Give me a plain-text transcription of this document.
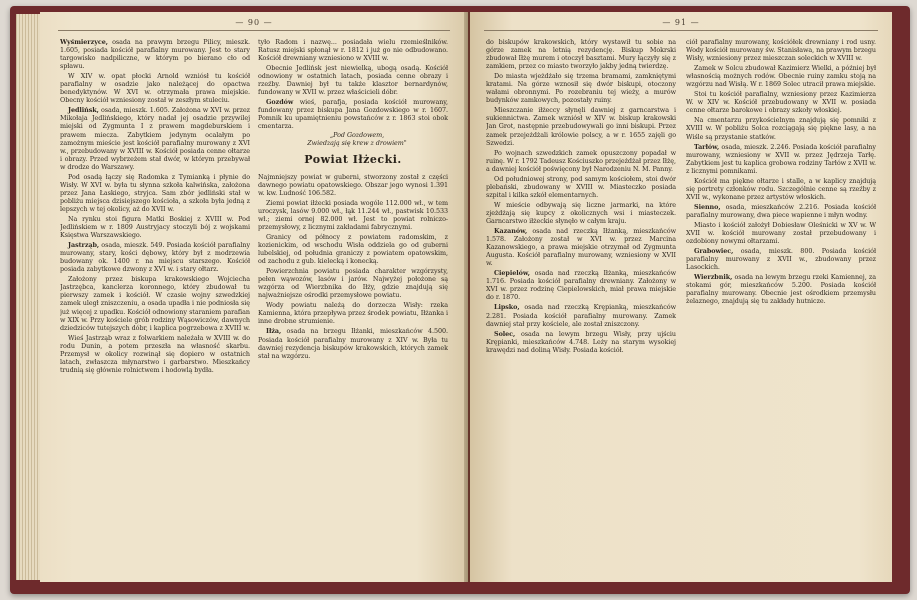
— 90 —

Wyśmierzyce, osada na prawym brzegu Pilicy, mieszk. 1.605, posiada kościół parafialny murowany. Jest to stary targowisko nadpiliczne, w którym po bierano cło od spławu.

W XIV w. opat płocki Arnold wzniósł tu kościół parafialny w osadzie jako należącej do opactwa benedyktynów. W XVI w. otrzymała prawa miejskie. Obecny kościół wzniesiony został w zeszłym stuleciu.

Jedlińsk, osada, mieszk. 1.605. Założona w XVI w. przez Mikołaja Jedlińskiego, który nadał jej osadzie przywilej miejski od Zygmunta I z prawem magdeburskiem i prawem miecza. Zabytkiem jedynym ocalałym po zamożnym mieście jest kościół parafialny murowany z XVI w., przebudowany w XVIII w. Kościół posiada cenne ołtarze i obrazy. Przed wybrzeżem stał dwór, w którym przebywał w drodze do Warszawy.

Pod osadą łączy się Radomka z Tymianką i płynie do Wisły. W XVI w. była tu słynna szkoła kalwińska, założona przez Jana Łaskiego, stryjca. Sam zbór jedliński stał w pobliżu miejsca dzisiejszego kościoła, a szkoła była jedną z lepszych w tej okolicy, aż do XVII w.

Na rynku stoi figura Matki Boskiej z XVIII w. Pod Jedlińskiem w r. 1809 Austryjacy stoczyli bój z wojskami Księstwa Warszawskiego.

Jastrząb, osada, mieszk. 549. Posiada kościół parafialny murowany, stary, kości dębowy, który był z modrzewia budowany ok. 1400 r. na miejscu starszego. Kościół posiada zabytkowe dzwony z XVI w. i stary ołtarz.

Założony przez biskupa krakowskiego Wojciecha Jastrzębca, kanclerza koronnego, który zbudował tu pierwszy zamek i kościół. W czasie wojny szwedzkiej zamek uległ zniszczeniu, a osada upadła i nie podniosła się już więcej z upadku. Kościół odnowiony staraniem parafian w XIX w. Przy kościele grób rodziny Wąsowiczów, dawnych dziedziców tutejszych dóbr, i kaplica pogrzebowa z XVIII w.

Wieś Jastrząb wraz z folwarkiem należała w XVIII w. do rodu Dunin, a potem przeszła na własność skarbu. Przemysł w okolicy rozwinął się dopiero w ostatnich latach, zwłaszcza młynarstwo i garbarstwo. Mieszkańcy trudnią się głównie rolnictwem i hodowlą bydła.

tyło Radom i nazwę... posiadała wielu rzemieślników. Ratusz miejski spłonął w r. 1812 i już go nie odbudowano. Kościół drewniany wzniesiono w XVIII w.

Obecnie Jedlińsk jest niewielką, ubogą osadą. Kościół odnowiony w ostatnich latach, posiada cenne obrazy i rzeźby. Dawniej był tu także klasztor bernardynów, fundowany w XVII w. przez właścicieli dóbr.

Gozdów wieś, parafja, posiada kościół murowany, fundowany przez biskupa Jana Gozdowskiego w r. 1607. Pomnik ku upamiętnieniu powstańców z r. 1863 stoi obok cmentarza.

„Pod Gozdowem,

Zwiedzają się krew z drowiem"

Powiat Iłżecki.

Najmniejszy powiat w guberni, stworzony został z części dawnego powiatu opatowskiego. Obszar jego wynosi 1.391 w. kw. Ludność 106.582.

Ziemi powiat iłżecki posiada wogóle 112.000 wł., w tem uroczysk, lasów 9.000 wł., łąk 11.244 wł., pastwisk 10.533 wł.; ziemi ornej 82.000 wł. Jest to powiat rolniczo-przemysłowy, z licznymi zakładami fabrycznymi.

Granicy od północy z powiatem radomskim, z kozienickim, od wschodu Wisła oddziela go od guberni lubelskiej, od południa graniczy z powiatem opatowskim, od zachodu z gub. kielecką i konecką.

Powierzchnia powiatu posiada charakter wzgórzysty, pełen wąwozów, lasów i jarów. Najwyżej położone są wzgórza od Wierzbnika do Iłży, gdzie znajdują się najważniejsze ośrodki przemysłowe powiatu.

Wody powiatu należą do dorzecza Wisły: rzeka Kamienna, która przepływa przez środek powiatu, Iłżanka i inne drobne strumienie.

Iłża, osada na brzegu Iłżanki, mieszkańców 4.500. Posiada kościół parafialny murowany z XIV w. Była tu dawniej rezydencja biskupów krakowskich, których zamek stał na wzgórzu.

— 91 —

do biskupów krakowskich, który wystawił tu sobie na górze zamek na letnią rezydencję. Biskup Mokrski zbudował Iłżę murem i otoczył basztami. Mury łączyły się z zamkiem, przez co miasto tworzyło jakby jedną twierdzę.

Do miasta wjeżdżało się trzema bramami, zamkniętymi kratami. Na górze wznosił się dwór biskupi, otoczony wałami obronnymi. Po rozebraniu tej wieży, a murów budynków zamkowych, pozostały ruiny.

Mieszczanie iłżeccy słynęli dawniej z garncarstwa i sukiennictwa. Zamek wzniósł w XIV w. biskup krakowski Jan Grot, następnie przebudowywali go inni biskupi. Przez zamek przejeżdżali królowie polscy, a w r. 1655 zajęli go Szwedzi.

Po wojnach szwedzkich zamek opuszczony popadał w ruinę. W r. 1792 Tadeusz Kościuszko przejeżdżał przez Iłżę, a dawniej kościół poświęcony był Narodzeniu N. M. Panny.

Od południowej strony, pod samym kościołem, stoi dwór plebański, zbudowany w XVIII w. Miasteczko posiada szpital i kilka szkół elementarnych.

W mieście odbywają się liczne jarmarki, na które zjeżdżają się kupcy z okolicznych wsi i miasteczek. Garncarstwo iłżeckie słynęło w całym kraju.

Kazanów, osada nad rzeczką Iłżanką, mieszkańców 1.578. Założony został w XVI w. przez Marcina Kazanowskiego, a prawa miejskie otrzymał od Zygmunta Augusta. Kościół parafialny murowany, wzniesiony w XVII w.

Ciepielów, osada nad rzeczką Iłżanką, mieszkańców 1.716. Posiada kościół parafialny drewniany. Założony w XVI w. przez rodzinę Ciepielowskich, miał prawa miejskie do r. 1870.

Lipsko, osada nad rzeczką Krępianką, mieszkańców 2.281. Posiada kościół parafialny murowany. Zamek dawniej stał przy kościele, ale został zniszczony.

Solec, osada na lewym brzegu Wisły, przy ujściu Krępianki, mieszkańców 4.748. Leży na starym wysokiej krawędzi nad doliną Wisły. Posiada kościół.

ciół parafialny murowany, kościółek drewniany i rod usny. Wody kościół murowany św. Stanisława, na prawym brzegu Wisły, wzniesiony przez mieszczan soleckich w XVIII w.

Zamek w Solcu zbudował Kazimierz Wielki, a później był własnością możnych rodów. Obecnie ruiny zamku stoją na wzgórzu nad Wisłą. W r. 1869 Solec utracił prawa miejskie.

Stoi tu kościół parafialny, wzniesiony przez Kazimierza W. w XIV w. Kościół przebudowany w XVII w. posiada cenne ołtarze barokowe i obrazy szkoły włoskiej.

Na cmentarzu przykościelnym znajdują się pomniki z XVIII w. W pobliżu Solca rozciągają się piękne lasy, a na Wiśle są przystanie statków.

Tarłów, osada, mieszk. 2.246. Posiada kościół parafialny murowany, wzniesiony w XVII w. przez Jędrzeja Tarłę. Zabytkiem jest tu kaplica grobowa rodziny Tarłów z XVII w. z licznymi pomnikami.

Kościół ma piękne ołtarze i stalle, a w kaplicy znajdują się portrety członków rodu. Szczególnie cenne są rzeźby z XVII w., wykonane przez artystów włoskich.

Sienno, osada, mieszkańców 2.216. Posiada kościół parafialny murowany, dwa piece wapienne i młyn wodny.

Miasto i kościół założył Dobiesław Oleśnicki w XV w. W XVII w. kościół murowany został przebudowany i ozdobiony nowymi ołtarzami.

Grabowiec, osada, mieszk. 800. Posiada kościół parafialny murowany z XVII w., zbudowany przez Lasockich.

Wierzbnik, osada na lewym brzegu rzeki Kamiennej, za stokami gór, mieszkańców 5.200. Posiada kościół parafialny murowany. Obecnie jest ośrodkiem przemysłu żelaznego, znajdują się tu zakłady hutnicze.
